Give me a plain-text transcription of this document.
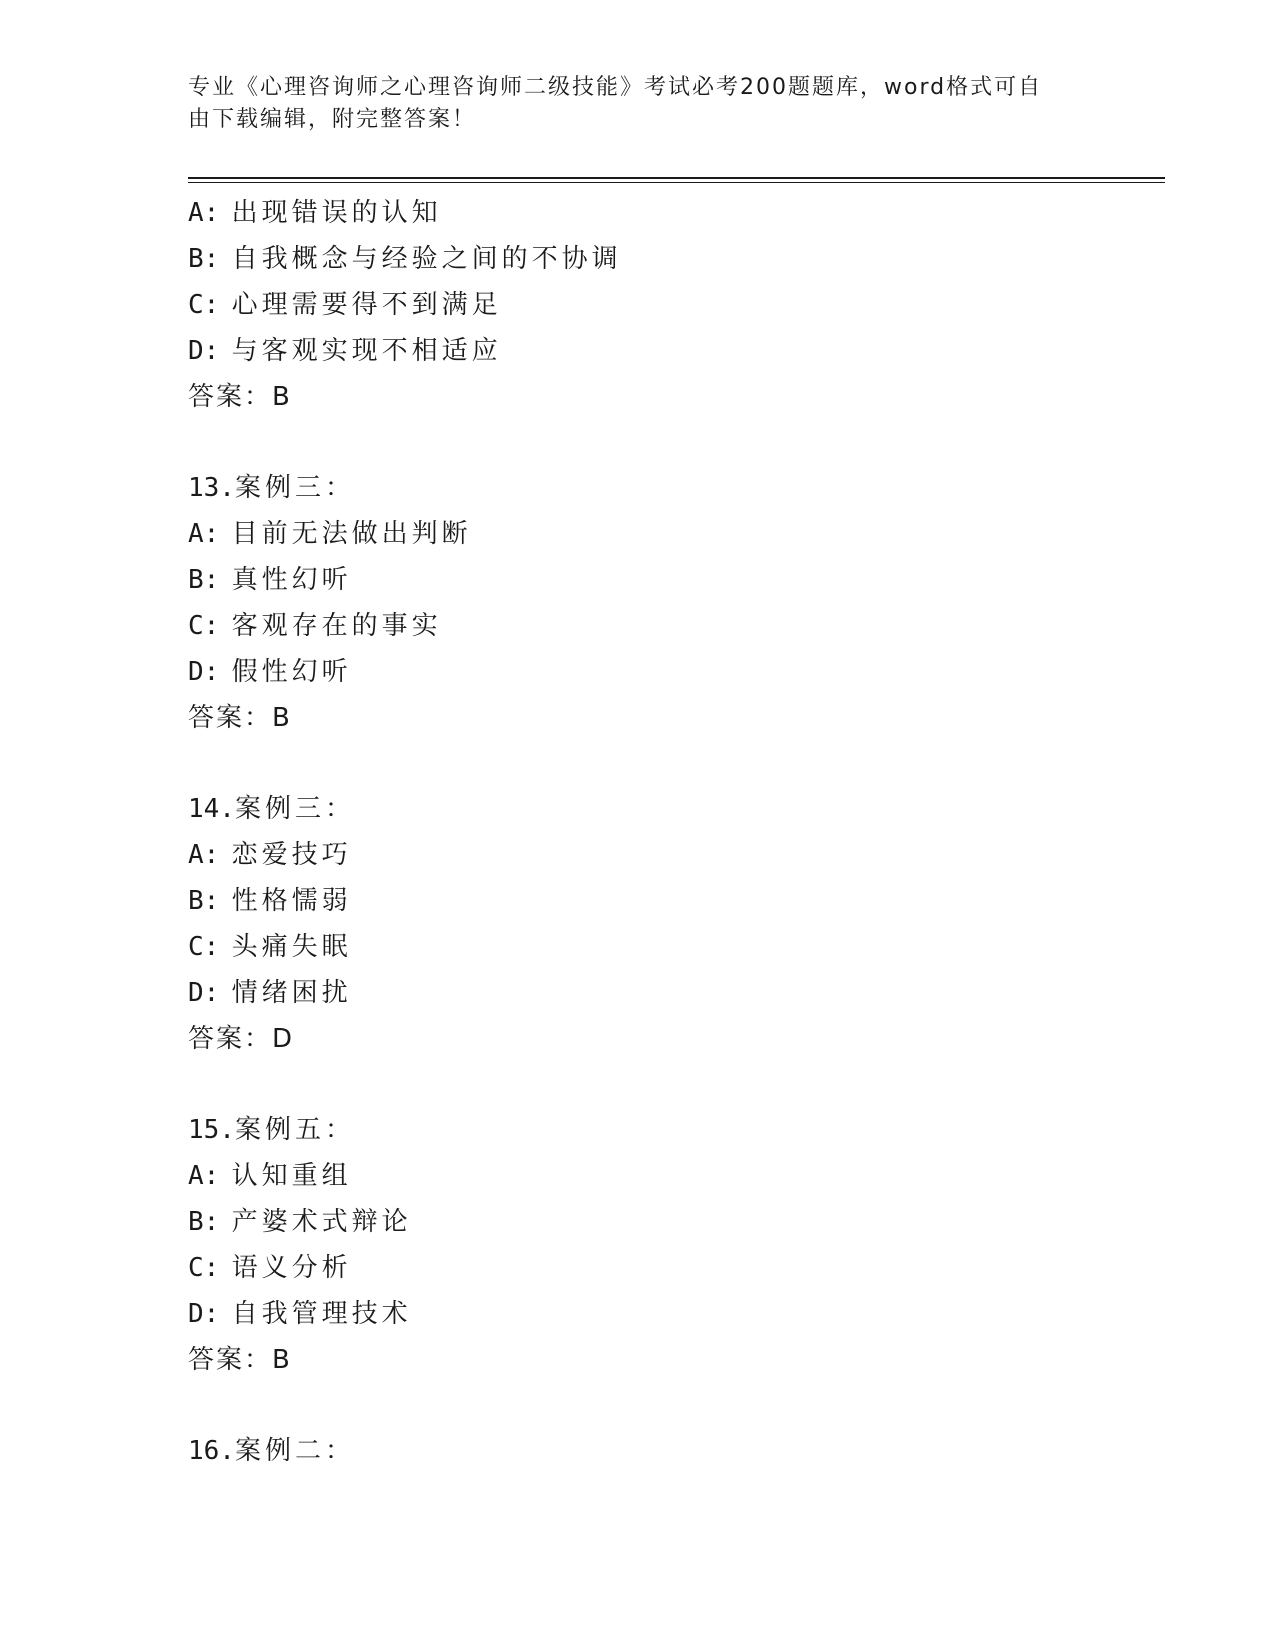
专业《心理咨询师之心理咨询师二级技能》考试必考200题题库，word格式可自
由下载编辑，附完整答案！
A: 出现错误的认知
B: 自我概念与经验之间的不协调
C: 心理需要得不到满足
D: 与客观实现不相适应
答案：B
13.案例三：
A: 目前无法做出判断
B: 真性幻听
C: 客观存在的事实
D: 假性幻听
答案：B
14.案例三：
A: 恋爱技巧
B: 性格懦弱
C: 头痛失眠
D: 情绪困扰
答案：D
15.案例五：
A: 认知重组
B: 产婆术式辩论
C: 语义分析
D: 自我管理技术
答案：B
16.案例二：
